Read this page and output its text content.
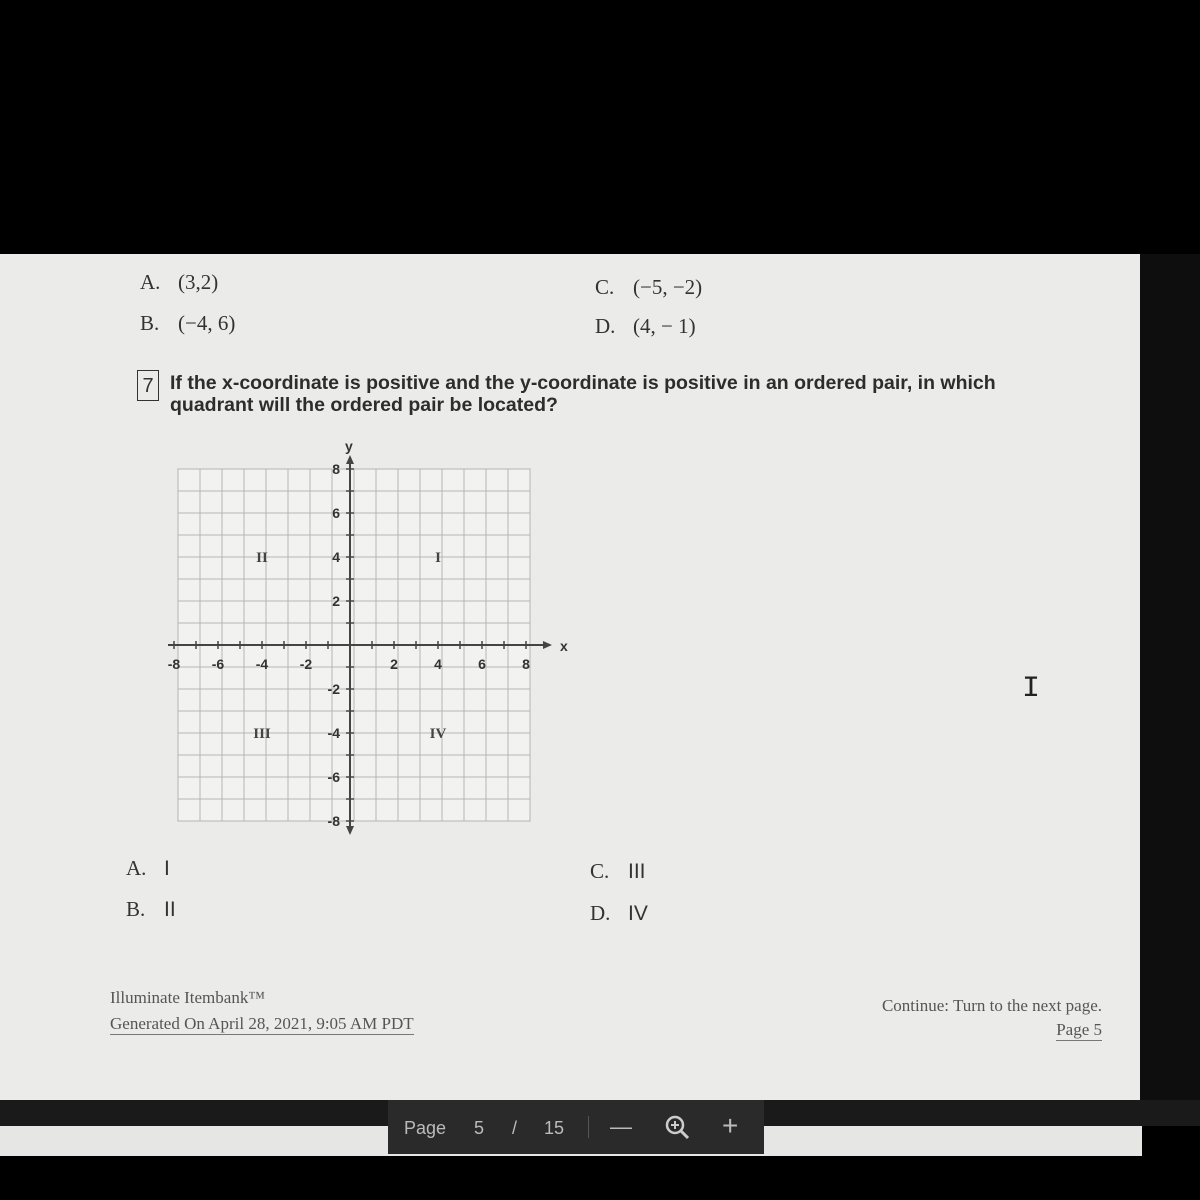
A. (3,2)
B. (−4, 6)
C. (−5, −2)
D. (4, − 1)
7 If the x-coordinate is positive and the y-coordinate is positive in an ordered pair, in which quadrant will the ordered pair be located?
x
y
-8 -6 -4 -2	2	4	6	8
8
6
4
2
-2
-4
-6
-8
I
II
III	IV
A. I
B. II
C. III
D. IV
Illuminate Itembank™
Generated On April 28, 2021, 9:05 AM PDT
Continue: Turn to the next page.
Page 5
I
Page 5 / 15 —	+
